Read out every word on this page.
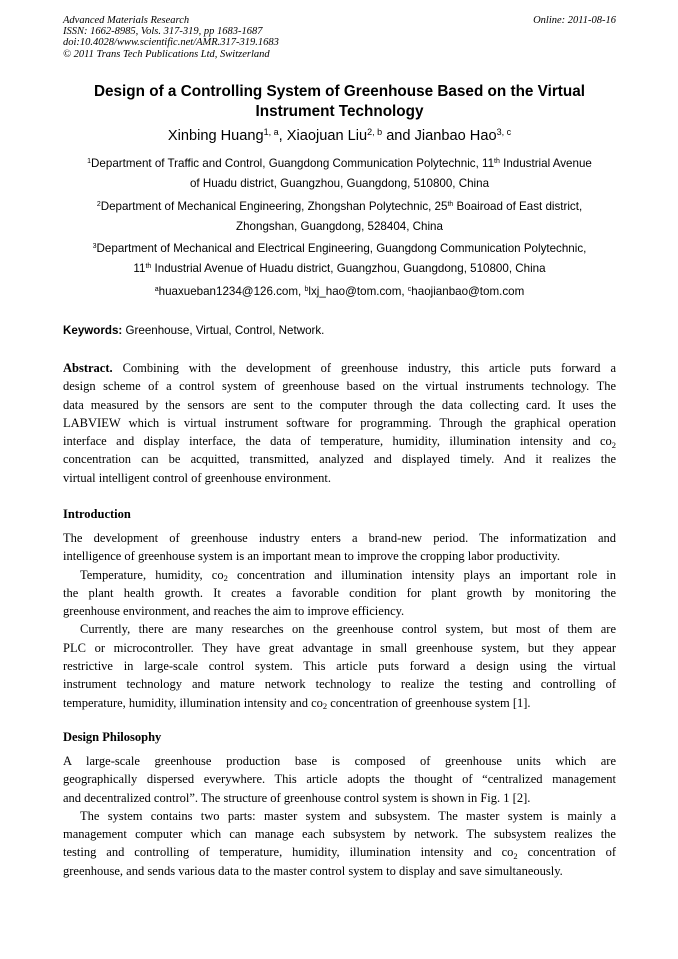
Advanced Materials Research
ISSN: 1662-8985, Vols. 317-319, pp 1683-1687
doi:10.4028/www.scientific.net/AMR.317-319.1683
© 2011 Trans Tech Publications Ltd, Switzerland
Online: 2011-08-16
Design of a Controlling System of Greenhouse Based on the Virtual
Instrument Technology
Xinbing Huang$^{1, a}$, Xiaojuan Liu$^{2, b}$ and Jianbao Hao$^{3, c}$
$^1$Department of Traffic and Control, Guangdong Communication Polytechnic, 11th Industrial Avenue
of Huadu district, Guangzhou, Guangdong, 510800, China
$^2$Department of Mechanical Engineering, Zhongshan Polytechnic, 25th Boairoad of East district,
Zhongshan, Guangdong, 528404, China
$^3$Department of Mechanical and Electrical Engineering, Guangdong Communication Polytechnic,
11th Industrial Avenue of Huadu district, Guangzhou, Guangdong, 510800, China
$^a$huaxueban1234@126.com, $^b$lxj_hao@tom.com, $^c$haojianbao@tom.com
Keywords: Greenhouse, Virtual, Control, Network.
Abstract. Combining with the development of greenhouse industry, this article puts forward a
design scheme of a control system of greenhouse based on the virtual instruments technology. The
data measured by the sensors are sent to the computer through the data collecting card. It uses the
LABVIEW which is virtual instrument software for programming. Through the graphical operation
interface and display interface, the data of temperature, humidity, illumination intensity and $co_2$
concentration can be acquitted, transmitted, analyzed and displayed timely. And it realizes the
virtual intelligent control of greenhouse environment.
Introduction
The development of greenhouse industry enters a brand-new period. The informatization and
intelligence of greenhouse system is an important mean to improve the cropping labor productivity.
Temperature, humidity, $co_2$ concentration and illumination intensity plays an important role in
the plant health growth. It creates a favorable condition for plant growth by monitoring the
greenhouse environment, and reaches the aim to improve efficiency.
Currently, there are many researches on the greenhouse control system, but most of them are
PLC or microcontroller. They have great advantage in small greenhouse system, but they appear
restrictive in large-scale control system. This article puts forward a design using the virtual
instrument technology and mature network technology to realize the testing and controlling of
temperature, humidity, illumination intensity and $co_2$ concentration of greenhouse system [1].
Design Philosophy
A large-scale greenhouse production base is composed of greenhouse units which are
geographically dispersed everywhere. This article adopts the thought of “centralized management
and decentralized control”. The structure of greenhouse control system is shown in Fig. 1 [2].
The system contains two parts: master system and subsystem. The master system is mainly a
management computer which can manage each subsystem by network. The subsystem realizes the
testing and controlling of temperature, humidity, illumination intensity and $co_2$ concentration of
greenhouse, and sends various data to the master control system to display and save simultaneously.
